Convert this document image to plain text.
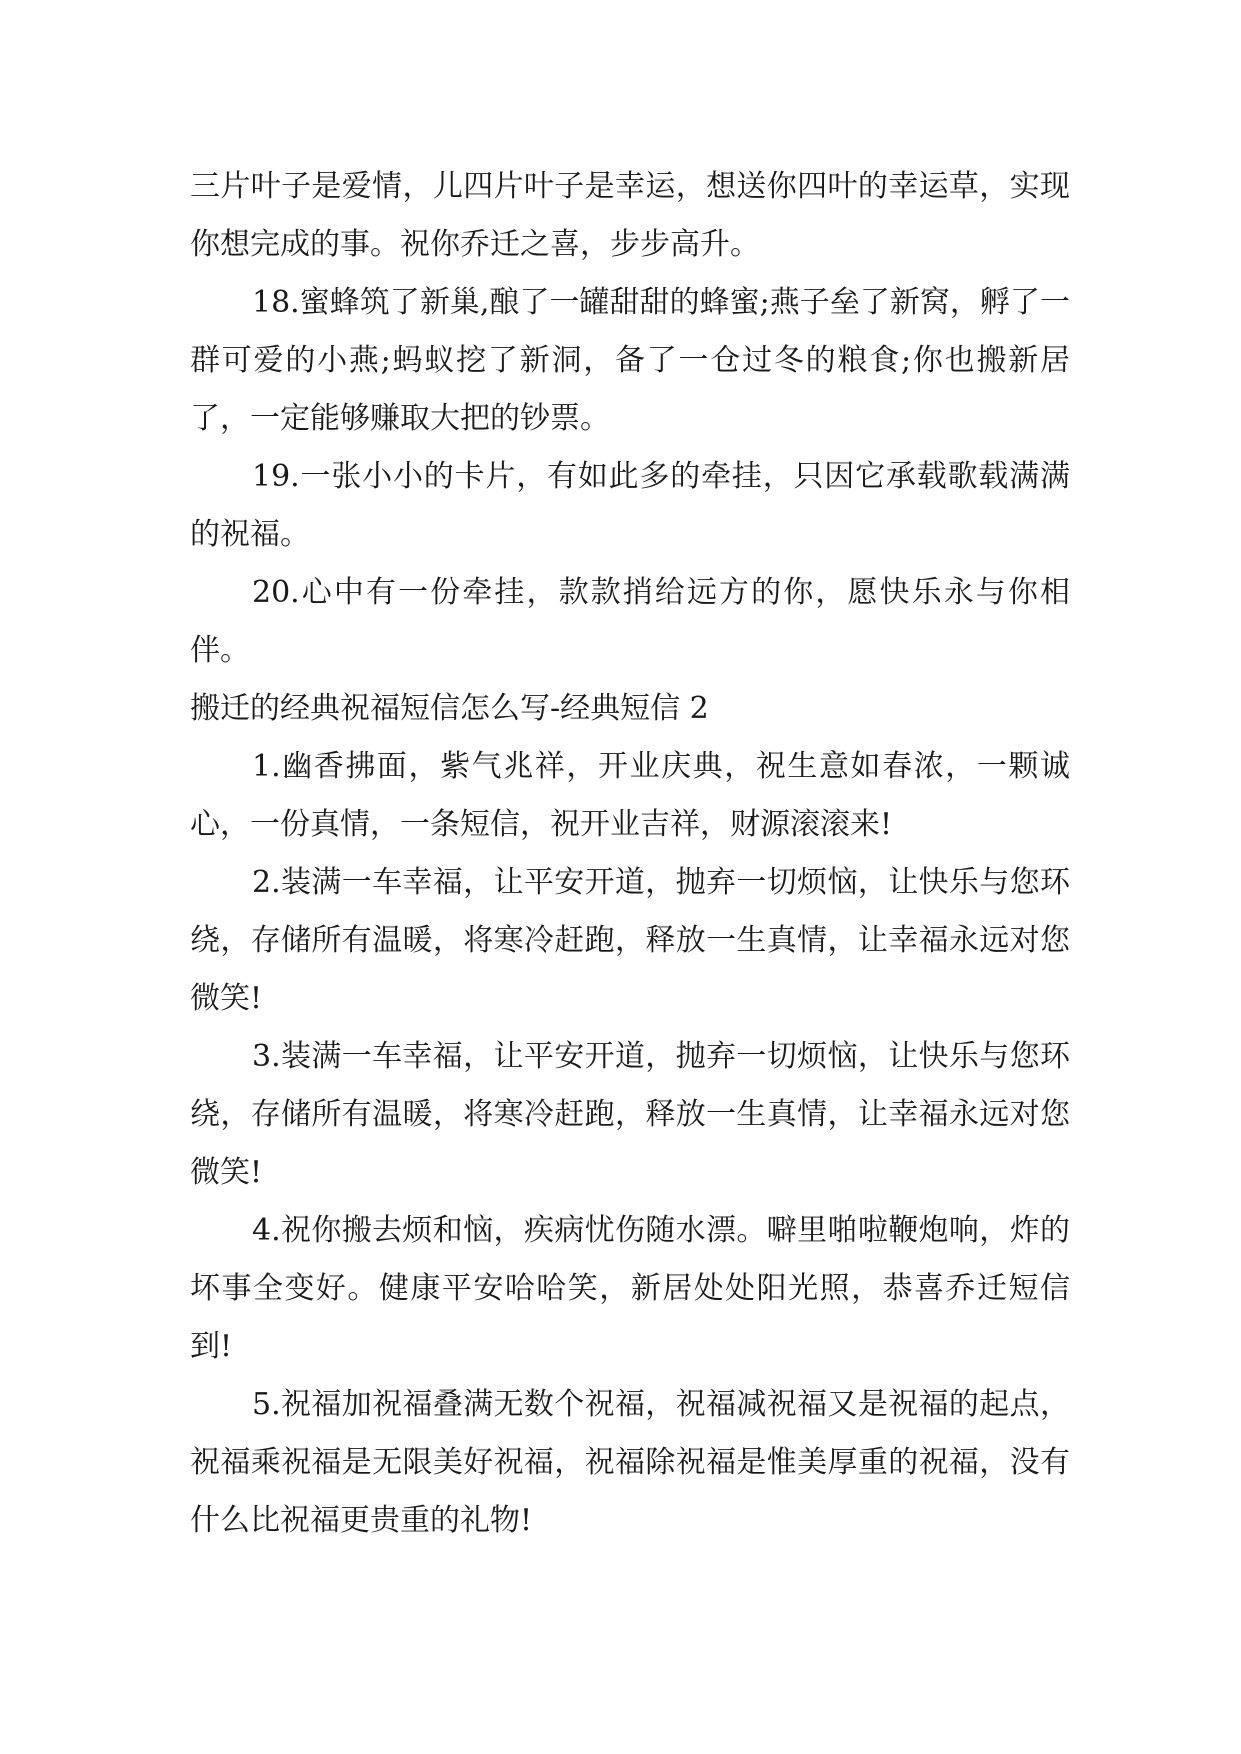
三片叶子是爱情，儿四片叶子是幸运，想送你四叶的幸运草，实现你想完成的事。祝你乔迁之喜，步步高升。

18.蜜蜂筑了新巢,酿了一罐甜甜的蜂蜜;燕子垒了新窝，孵了一群可爱的小燕;蚂蚁挖了新洞，备了一仓过冬的粮食;你也搬新居了，一定能够赚取大把的钞票。

19.一张小小的卡片，有如此多的牵挂，只因它承载歌载满满的祝福。

20.心中有一份牵挂，款款捎给远方的你，愿快乐永与你相伴。

搬迁的经典祝福短信怎么写-经典短信 2

1.幽香拂面，紫气兆祥，开业庆典，祝生意如春浓，一颗诚心，一份真情，一条短信，祝开业吉祥，财源滚滚来!

2.装满一车幸福，让平安开道，抛弃一切烦恼，让快乐与您环绕，存储所有温暖，将寒冷赶跑，释放一生真情，让幸福永远对您微笑!

3.装满一车幸福，让平安开道，抛弃一切烦恼，让快乐与您环绕，存储所有温暖，将寒冷赶跑，释放一生真情，让幸福永远对您微笑!

4.祝你搬去烦和恼，疾病忧伤随水漂。噼里啪啦鞭炮响，炸的坏事全变好。健康平安哈哈笑，新居处处阳光照，恭喜乔迁短信到!

5.祝福加祝福叠满无数个祝福，祝福减祝福又是祝福的起点，祝福乘祝福是无限美好祝福，祝福除祝福是惟美厚重的祝福，没有什么比祝福更贵重的礼物!
